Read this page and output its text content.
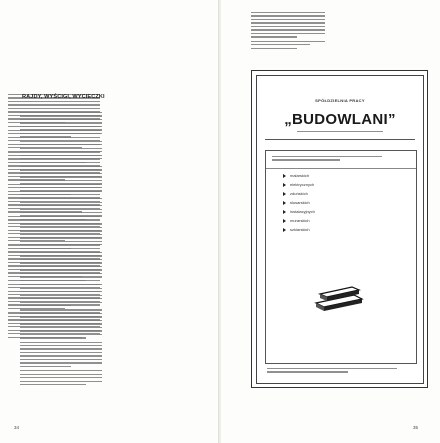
RAJDY, WYŚCIGI, WYCIECZKI
34	35
SPÓŁDZIELNIA PRACY
„BUDOWLANI”
malarskich
elektrycznych
zduńskich
ślusarskich
instalacyjnych
murarskich
szklarskich
